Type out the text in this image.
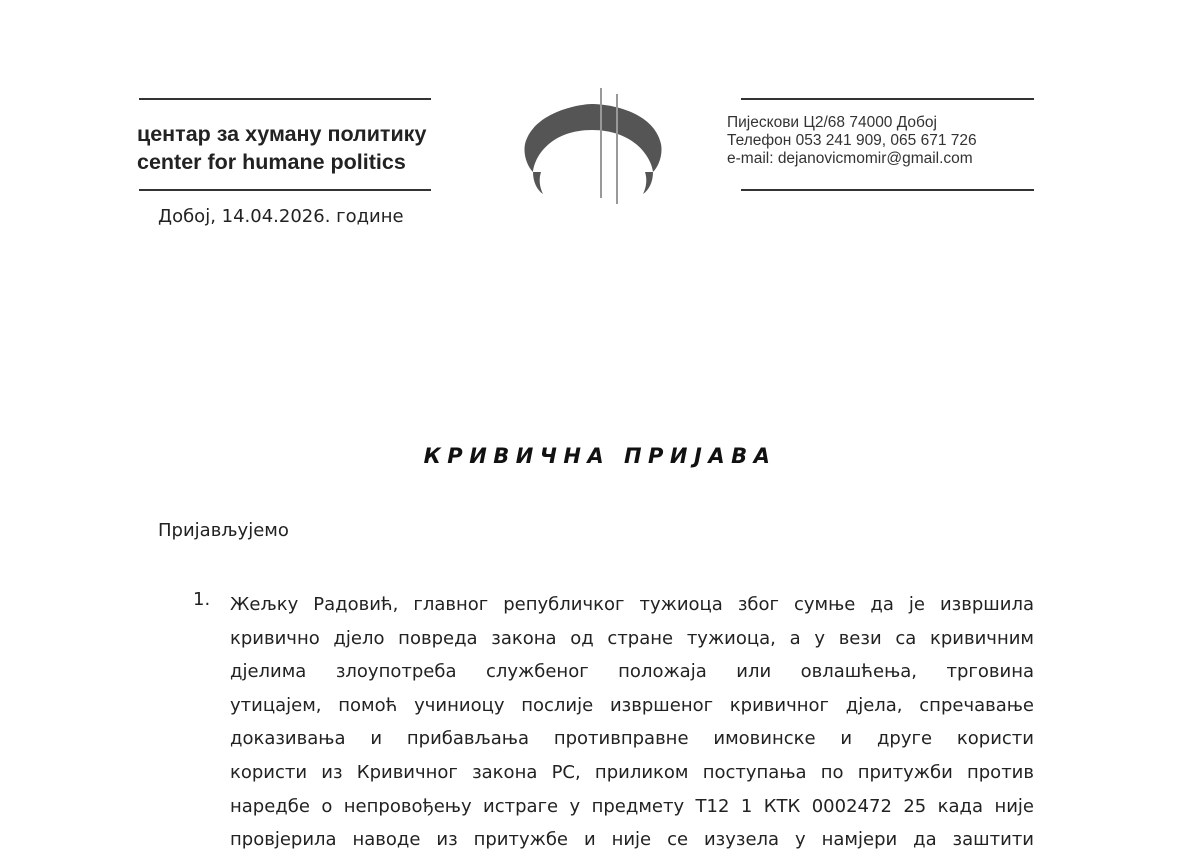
центар за хуману политику
center for humane politics
Пијескови Ц2/68 74000 Добој
Телефон 053 241 909, 065 671 726
e-mail: dejanovicmomir@gmail.com
Добој, 14.04.2026. године
КРИВИЧНА ПРИЈАВА
Пријављујемо
1. Жељку Радовић, главног републичког тужиоца због сумње да је извршила
кривично дјело повреда закона од стране тужиоца, а у вези са кривичним
дјелима злоупотреба службеног положаја или овлашћења, трговина
утицајем, помоћ учиниоцу послије извршеног кривичног дјела, спречавање
доказивања и прибављања противправне имовинске и друге користи
користи из Кривичног закона РС, приликом поступања по притужби против
наредбе о непровођењу истраге у предмету Т12 1 КТК 0002472 25 када није
провјерила наводе из притужбе и није се изузела у намјери да заштити
